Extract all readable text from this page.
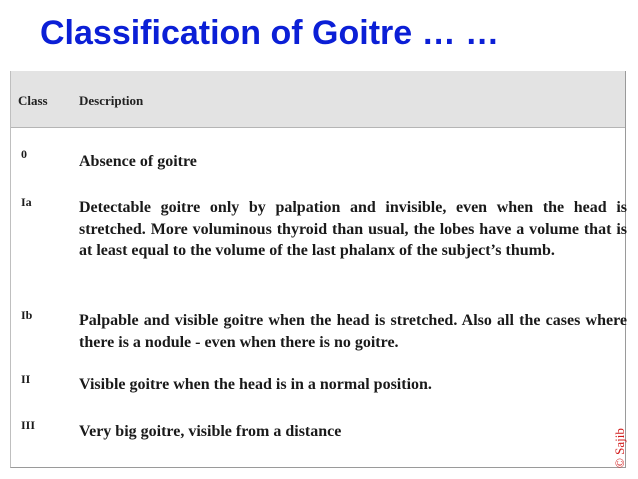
Classification of Goitre … …
Class Description
0	Absence of goitre
Ia	Detectable goitre only by palpation and invisible, even when the head is stretched. More voluminous thyroid than usual, the lobes have a volume that is at least equal to the volume of the last phalanx of the subject’s thumb.
Ib	Palpable and visible goitre when the head is stretched. Also all the cases where there is a nodule - even when there is no goitre.
II	Visible goitre when the head is in a normal position.
III	Very big goitre, visible from a distance	© Sajib
